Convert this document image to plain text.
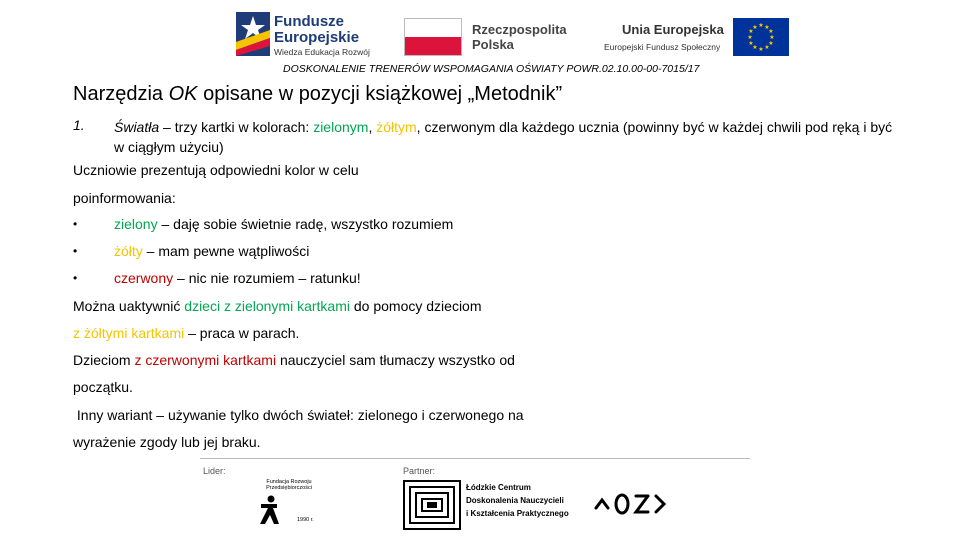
Fundusze
Europejskie
Wiedza Edukacja Rozwój
Rzeczpospolita
Polska
Unia Europejska
Europejski Fundusz Społeczny
★ ★
★
★
★
★
★
★
★
★
★
★
DOSKONALENIE TRENERÓW WSPOMAGANIA OŚWIATY POWR.02.10.00-00-7015/17
Narzędzia OK opisane w pozycji książkowej „Metodnik”
1. Światła – trzy kartki w kolorach: zielonym, żółtym, czerwonym dla każdego ucznia (powinny być w każdej chwili pod ręką i być w ciągłym użyciu)
Uczniowie prezentują odpowiedni kolor w celu
poinformowania:
•	zielony – daję sobie świetnie radę, wszystko rozumiem
•	żółty – mam pewne wątpliwości
•	czerwony – nic nie rozumiem – ratunku!
Można uaktywnić dzieci z zielonymi kartkami do pomocy dzieciom
z żółtymi kartkami – praca w parach.
Dzieciom z czerwonymi kartkami nauczyciel sam tłumaczy wszystko od
początku.
Inny wariant – używanie tylko dwóch świateł: zielonego i czerwonego na
wyrażenie zgody lub jej braku.
Lider:	Partner:
Fundacja Rozwoju Przedsiębiorczości
1990 r.
Łódzkie Centrum
Doskonalenia Nauczycieli
i Kształcenia Praktycznego
